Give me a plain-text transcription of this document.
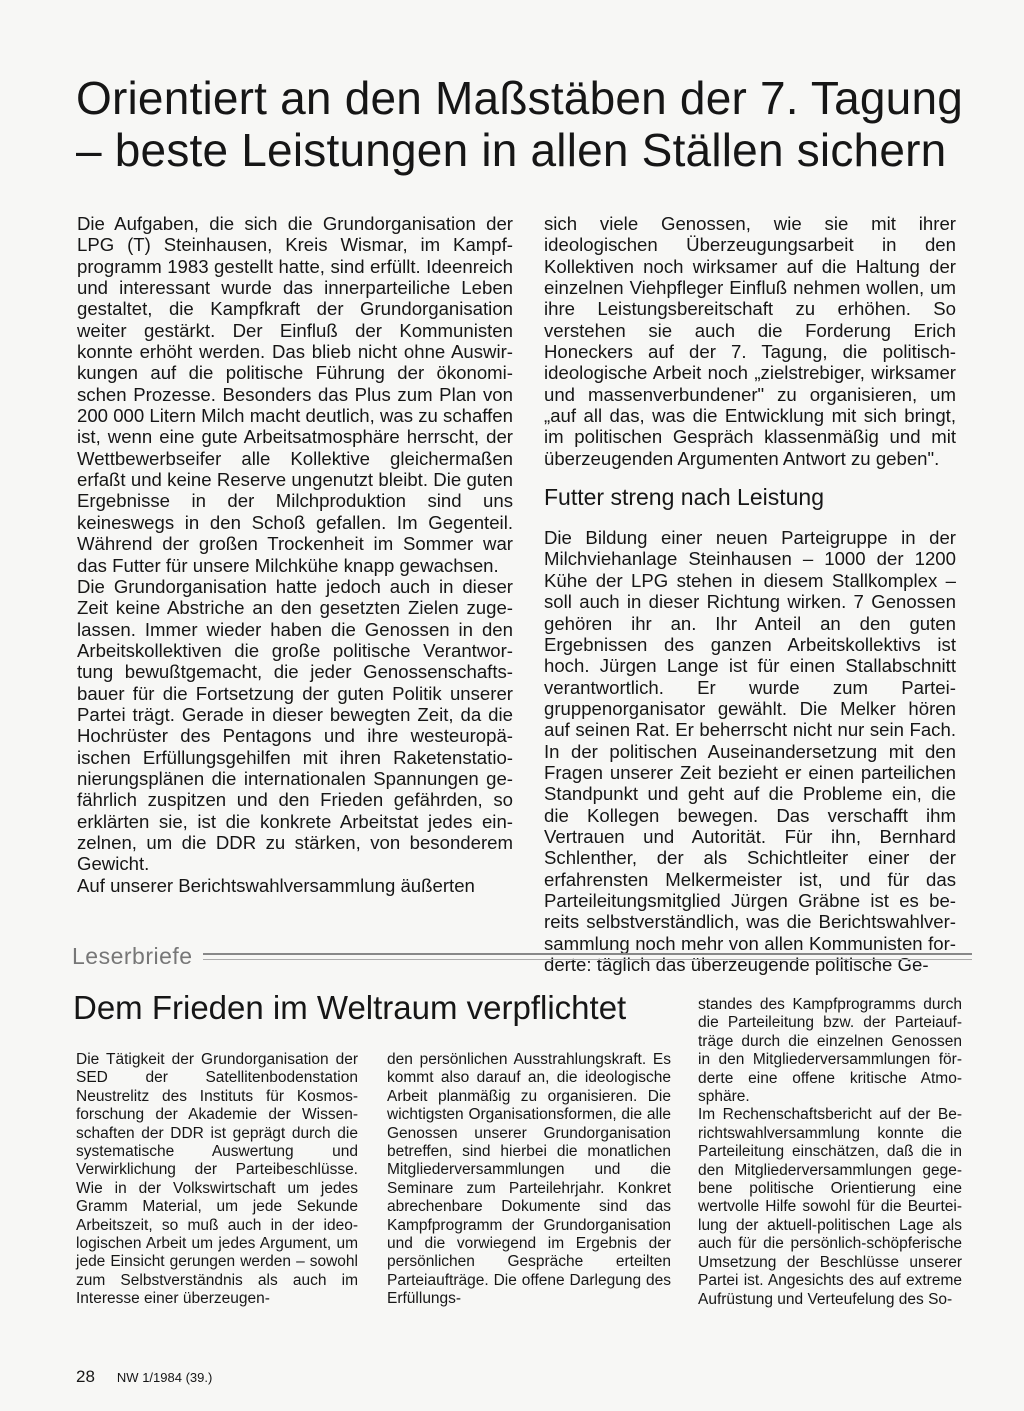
Orientiert an den Maßstäben der 7. Tagung – beste Leistungen in allen Ställen sichern

Die Aufgaben, die sich die Grundorganisation der LPG (T) Steinhausen, Kreis Wismar, im Kampfprogramm 1983 gestellt hatte, sind erfüllt. Ideenreich und interessant wurde das innerparteiliche Leben gestaltet, die Kampfkraft der Grundorganisation weiter gestärkt. Der Einfluß der Kommunisten konnte erhöht werden. Das blieb nicht ohne Auswirkungen auf die politische Führung der ökonomischen Prozesse. Besonders das Plus zum Plan von 200 000 Litern Milch macht deutlich, was zu schaffen ist, wenn eine gute Arbeitsatmosphäre herrscht, der Wettbewerbseifer alle Kollektive gleichermaßen erfaßt und keine Reserve ungenutzt bleibt. Die guten Ergebnisse in der Milchproduktion sind uns keineswegs in den Schoß gefallen. Im Gegenteil. Während der großen Trockenheit im Sommer war das Futter für unsere Milchkühe knapp gewachsen.

Die Grundorganisation hatte jedoch auch in dieser Zeit keine Abstriche an den gesetzten Zielen zugelassen. Immer wieder haben die Genossen in den Arbeitskollektiven die große politische Verantwortung bewußtgemacht, die jeder Genossenschaftsbauer für die Fortsetzung der guten Politik unserer Partei trägt. Gerade in dieser bewegten Zeit, da die Hochrüster des Pentagons und ihre westeuropäischen Erfüllungsgehilfen mit ihren Raketenstationierungsplänen die internationalen Spannungen gefährlich zuspitzen und den Frieden gefährden, so erklärten sie, ist die konkrete Arbeitstat jedes einzelnen, um die DDR zu stärken, von besonderem Gewicht.

Auf unserer Berichtswahlversammlung äußerten

sich viele Genossen, wie sie mit ihrer ideologischen Überzeugungsarbeit in den Kollektiven noch wirksamer auf die Haltung der einzelnen Viehpfleger Einfluß nehmen wollen, um ihre Leistungsbereitschaft zu erhöhen. So verstehen sie auch die Forderung Erich Honeckers auf der 7. Tagung, die politisch-ideologische Arbeit noch „zielstrebiger, wirksamer und massenverbundener" zu organisieren, um „auf all das, was die Entwicklung mit sich bringt, im politischen Gespräch klassenmäßig und mit überzeugenden Argumenten Antwort zu geben".

Futter streng nach Leistung

Die Bildung einer neuen Parteigruppe in der Milchviehanlage Steinhausen – 1000 der 1200 Kühe der LPG stehen in diesem Stallkomplex – soll auch in dieser Richtung wirken. 7 Genossen gehören ihr an. Ihr Anteil an den guten Ergebnissen des ganzen Arbeitskollektivs ist hoch. Jürgen Lange ist für einen Stallabschnitt verantwortlich. Er wurde zum Parteigruppenorganisator gewählt. Die Melker hören auf seinen Rat. Er beherrscht nicht nur sein Fach. In der politischen Auseinandersetzung mit den Fragen unserer Zeit bezieht er einen parteilichen Standpunkt und geht auf die Probleme ein, die die Kollegen bewegen. Das verschafft ihm Vertrauen und Autorität. Für ihn, Bernhard Schlenther, der als Schichtleiter einer der erfahrensten Melkermeister ist, und für das Parteileitungsmitglied Jürgen Gräbne ist es bereits selbstverständlich, was die Berichtswahlversammlung noch mehr von allen Kommunisten forderte: täglich das überzeugende politische Ge-

Leserbriefe
Dem Frieden im Weltraum verpflichtet

Die Tätigkeit der Grundorganisation der SED der Satellitenbodenstation Neustrelitz des Instituts für Kosmosforschung der Akademie der Wissenschaften der DDR ist geprägt durch die systematische Auswertung und Verwirklichung der Parteibeschlüsse. Wie in der Volkswirtschaft um jedes Gramm Material, um jede Sekunde Arbeitszeit, so muß auch in der ideologischen Arbeit um jedes Argument, um jede Einsicht gerungen werden – sowohl zum Selbstverständnis als auch im Interesse einer überzeugen-

den persönlichen Ausstrahlungskraft. Es kommt also darauf an, die ideologische Arbeit planmäßig zu organisieren. Die wichtigsten Organisationsformen, die alle Genossen unserer Grundorganisation betreffen, sind hierbei die monatlichen Mitgliederversammlungen und die Seminare zum Parteilehrjahr. Konkret abrechenbare Dokumente sind das Kampfprogramm der Grundorganisation und die vorwiegend im Ergebnis der persönlichen Gespräche erteilten Parteiaufträge. Die offene Darlegung des Erfüllungs-

standes des Kampfprogramms durch die Parteileitung bzw. der Parteiaufträge durch die einzelnen Genossen in den Mitgliederversammlungen förderte eine offene kritische Atmosphäre.

Im Rechenschaftsbericht auf der Berichtswahlversammlung konnte die Parteileitung einschätzen, daß die in den Mitgliederversammlungen gegebene politische Orientierung eine wertvolle Hilfe sowohl für die Beurteilung der aktuell-politischen Lage als auch für die persönlich-schöpferische Umsetzung der Beschlüsse unserer Partei ist. Angesichts des auf extreme Aufrüstung und Verteufelung des So-

28 NW 1/1984 (39.)
